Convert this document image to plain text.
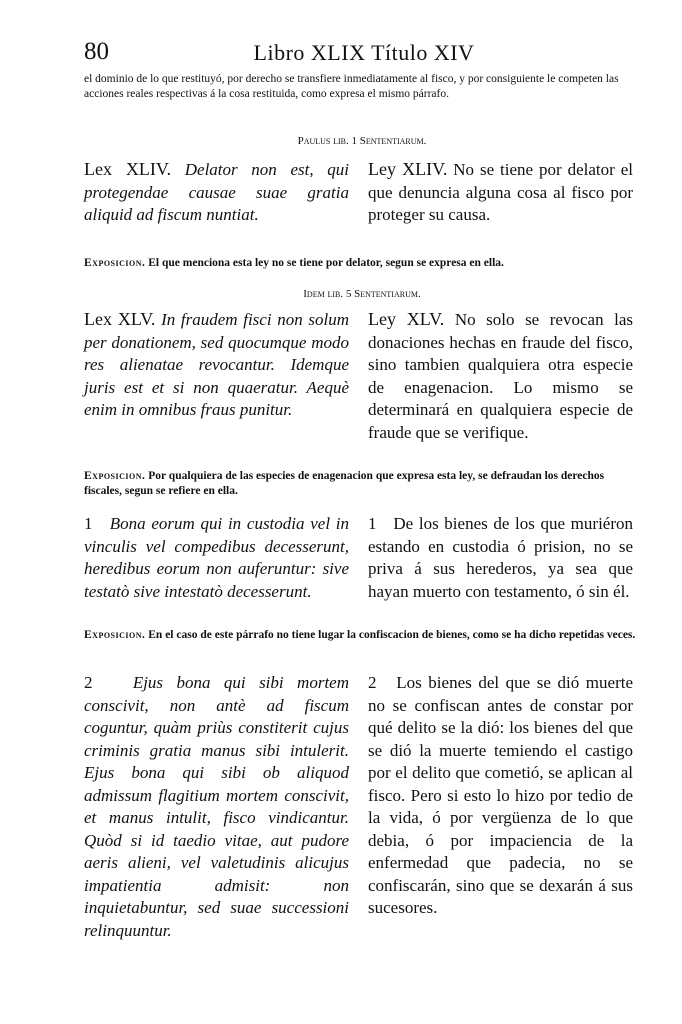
80	Libro XLIX Título XIV
el dominio de lo que restituyó, por derecho se transfiere inmediatamente al fisco, y por consiguiente le competen las acciones reales respectivas á la cosa restituida, como expresa el mismo párrafo.
Paulus lib. 1 Sententiarum.
Lex XLIV. Delator non est, qui protegendae causae suae gratia aliquid ad fiscum nuntiat.
Ley XLIV. No se tiene por delator el que denuncia alguna cosa al fisco por proteger su causa.
Exposicion. El que menciona esta ley no se tiene por delator, segun se expresa en ella.
Idem lib. 5 Sententiarum.
Lex XLV. In fraudem fisci non solum per donationem, sed quocumque modo res alienatae revocantur. Idemque juris est et si non quaeratur. Aequè enim in omnibus fraus punitur.
Ley XLV. No solo se revocan las donaciones hechas en fraude del fisco, sino tambien qualquiera otra especie de enagenacion. Lo mismo se determinará en qualquiera especie de fraude que se verifique.
Exposicion. Por qualquiera de las especies de enagenacion que expresa esta ley, se defraudan los derechos fiscales, segun se refiere en ella.
1 Bona eorum qui in custodia vel in vinculis vel compedibus decesserunt, heredibus eorum non auferuntur: sive testatò sive intestatò decesserunt.
1 De los bienes de los que muriéron estando en custodia ó prision, no se priva á sus herederos, ya sea que hayan muerto con testamento, ó sin él.
Exposicion. En el caso de este párrafo no tiene lugar la confiscacion de bienes, como se ha dicho repetidas veces.
2 Ejus bona qui sibi mortem conscivit, non antè ad fiscum coguntur, quàm priùs constiterit cujus criminis gratia manus sibi intulerit. Ejus bona qui sibi ob aliquod admissum flagitium mortem conscivit, et manus intulit, fisco vindicantur. Quòd si id taedio vitae, aut pudore aeris alieni, vel valetudinis alicujus impatientia admisit: non inquietabuntur, sed suae successioni relinquuntur.
2 Los bienes del que se dió muerte no se confiscan antes de constar por qué delito se la dió: los bienes del que se dió la muerte temiendo el castigo por el delito que cometió, se aplican al fisco. Pero si esto lo hizo por tedio de la vida, ó por vergüenza de lo que debia, ó por impaciencia de la enfermedad que padecia, no se confiscarán, sino que se dexarán á sus sucesores.
